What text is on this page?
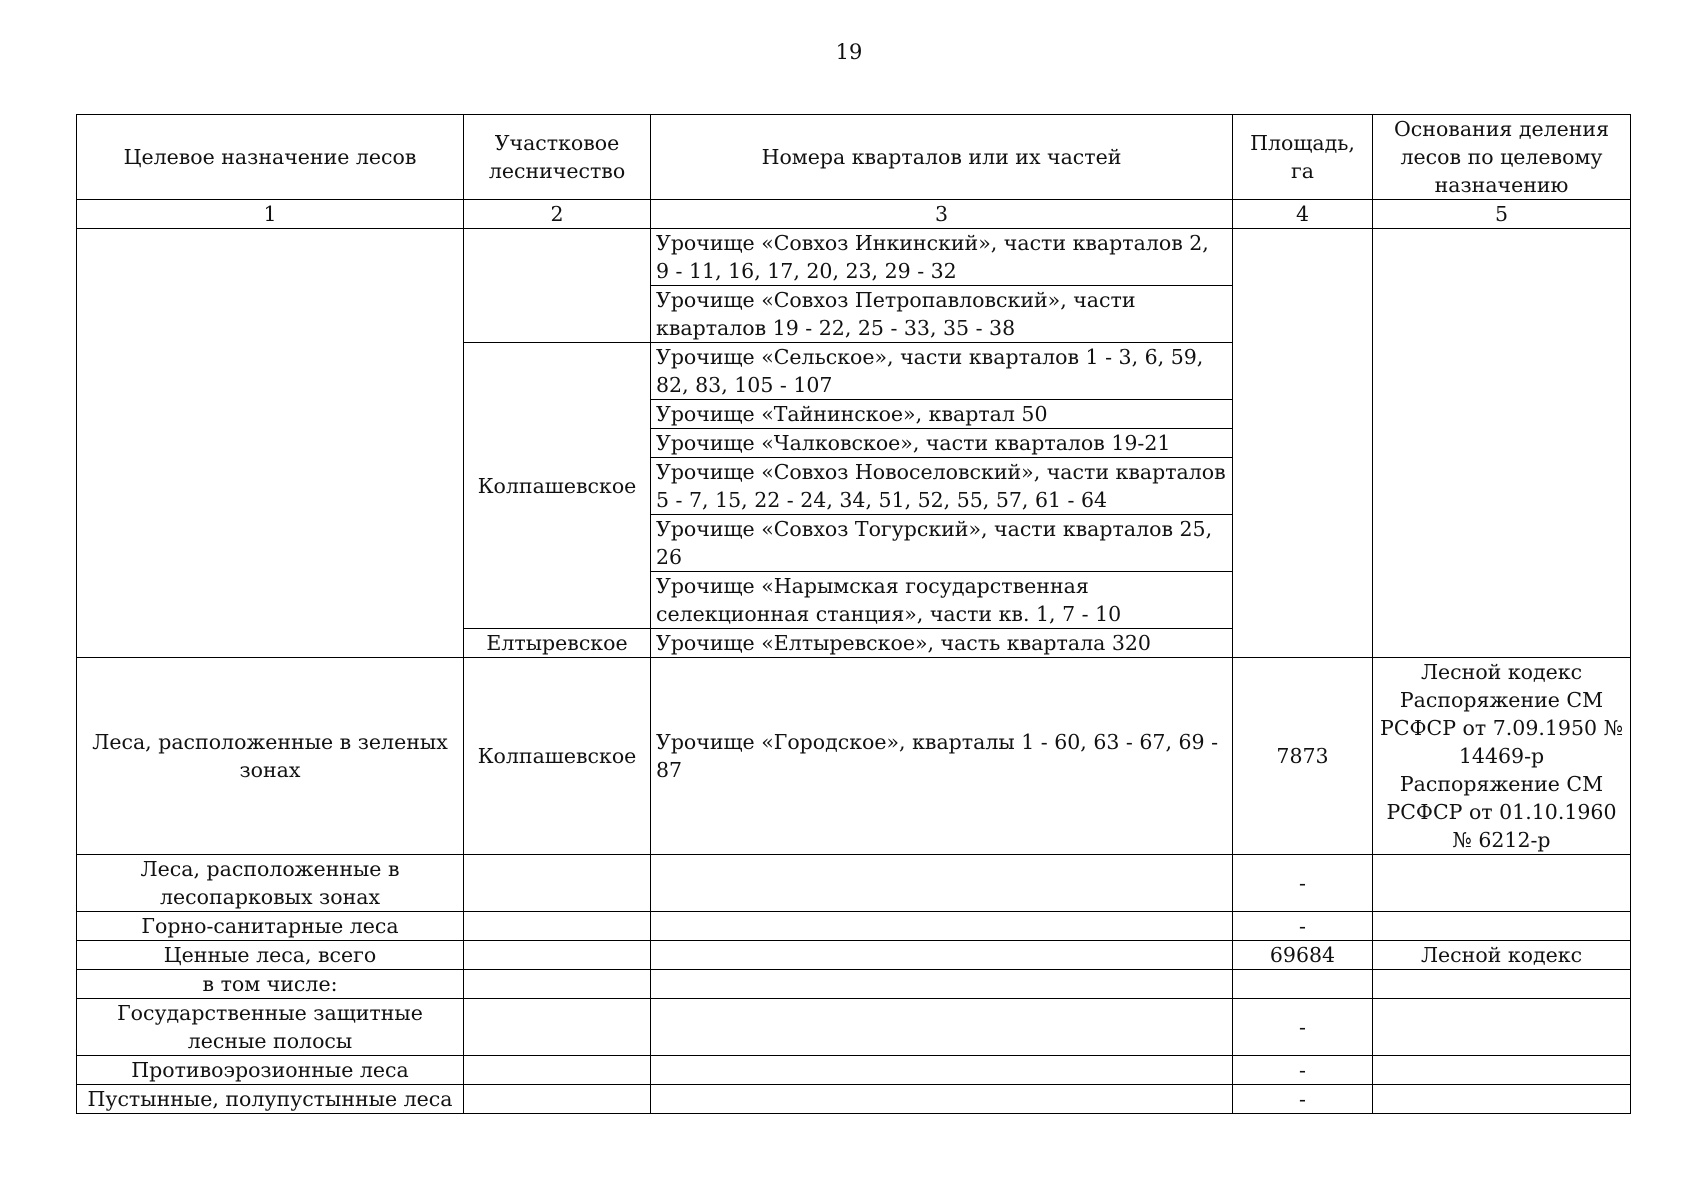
19
Целевое назначение лесов	Участковое лесничество	Номера кварталов или их частей	Площадь, га	Основания деления лесов по целевому назначению
1	2	3	4	5
		Урочище «Совхоз Инкинский», части кварталов 2, 9 - 11, 16, 17, 20, 23, 29 - 32		
		Урочище «Совхоз Петропавловский», части кварталов 19 - 22, 25 - 33, 35 - 38		
	Колпашевское	Урочище «Сельское», части кварталов 1 - 3, 6, 59, 82, 83, 105 - 107		
		Урочище «Тайнинское», квартал 50		
		Урочище «Чалковское», части кварталов 19-21		
		Урочище «Совхоз Новоселовский», части кварталов 5 - 7, 15, 22 - 24, 34, 51, 52, 55, 57, 61 - 64		
		Урочище «Совхоз Тогурский», части кварталов 25, 26		
		Урочище «Нарымская государственная селекционная станция», части кв. 1, 7 - 10		
	Елтыревское	Урочище «Елтыревское», часть квартала 320		
Леса, расположенные в зеленых зонах	Колпашевское	Урочище «Городское», кварталы 1 - 60, 63 - 67, 69 - 87	7873	Лесной кодекс
Распоряжение СМ РСФСР от 7.09.1950 № 14469-р
Распоряжение СМ РСФСР от 01.10.1960 № 6212-р

Леса, расположенные в лесопарковых зонах			-	
Горно-санитарные леса			-	
Ценные леса, всего			69684	Лесной кодекс
в том числе:				
Государственные защитные лесные полосы			-	
Противоэрозионные леса			-	
Пустынные, полупустынные леса			-	
